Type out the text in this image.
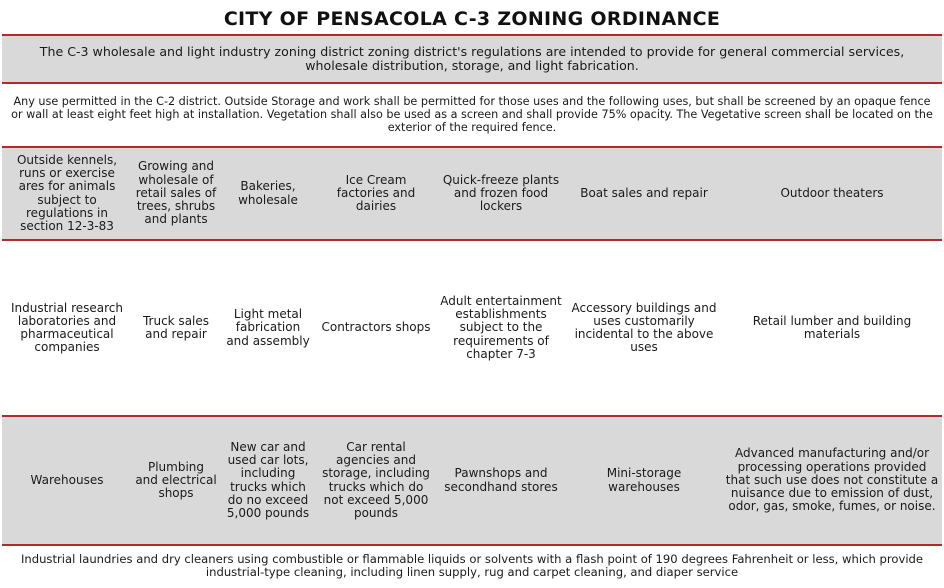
CITY OF PENSACOLA C-3 ZONING ORDINANCE
The C-3 wholesale and light industry zoning district zoning district's regulations are intended to provide for general commercial services, wholesale distribution, storage, and light fabrication.
Any use permitted in the C-2 district. Outside Storage and work shall be permitted for those uses and the following uses, but shall be screened by an opaque fence or wall at least eight feet high at installation. Vegetation shall also be used as a screen and shall provide 75% opacity. The Vegetative screen shall be located on the exterior of the required fence.
Outside kennels, runs or exercise ares for animals subject to regulations in section 12-3-83
Growing and wholesale of retail sales of trees, shrubs and plants
Bakeries, wholesale
Ice Cream factories and dairies
Quick-freeze plants and frozen food lockers
Boat sales and repair	Outdoor theaters
Industrial research laboratories and pharmaceutical companies
Truck sales and repair
Light metal fabrication and assembly
Contractors shops
Adult entertainment establishments subject to the requirements of chapter 7-3
Accessory buildings and uses customarily incidental to the above uses
Retail lumber and building materials
Warehouses
Plumbing and electrical shops
New car and used car lots, including trucks which do no exceed 5,000 pounds
Car rental agencies and storage, including trucks which do not exceed 5,000 pounds
Pawnshops and secondhand stores
Mini-storage warehouses
Advanced manufacturing and/or processing operations provided that such use does not constitute a nuisance due to emission of dust, odor, gas, smoke, fumes, or noise.
Industrial laundries and dry cleaners using combustible or flammable liquids or solvents with a flash point of 190 degrees Fahrenheit or less, which provide industrial-type cleaning, including linen supply, rug and carpet cleaning, and diaper service
